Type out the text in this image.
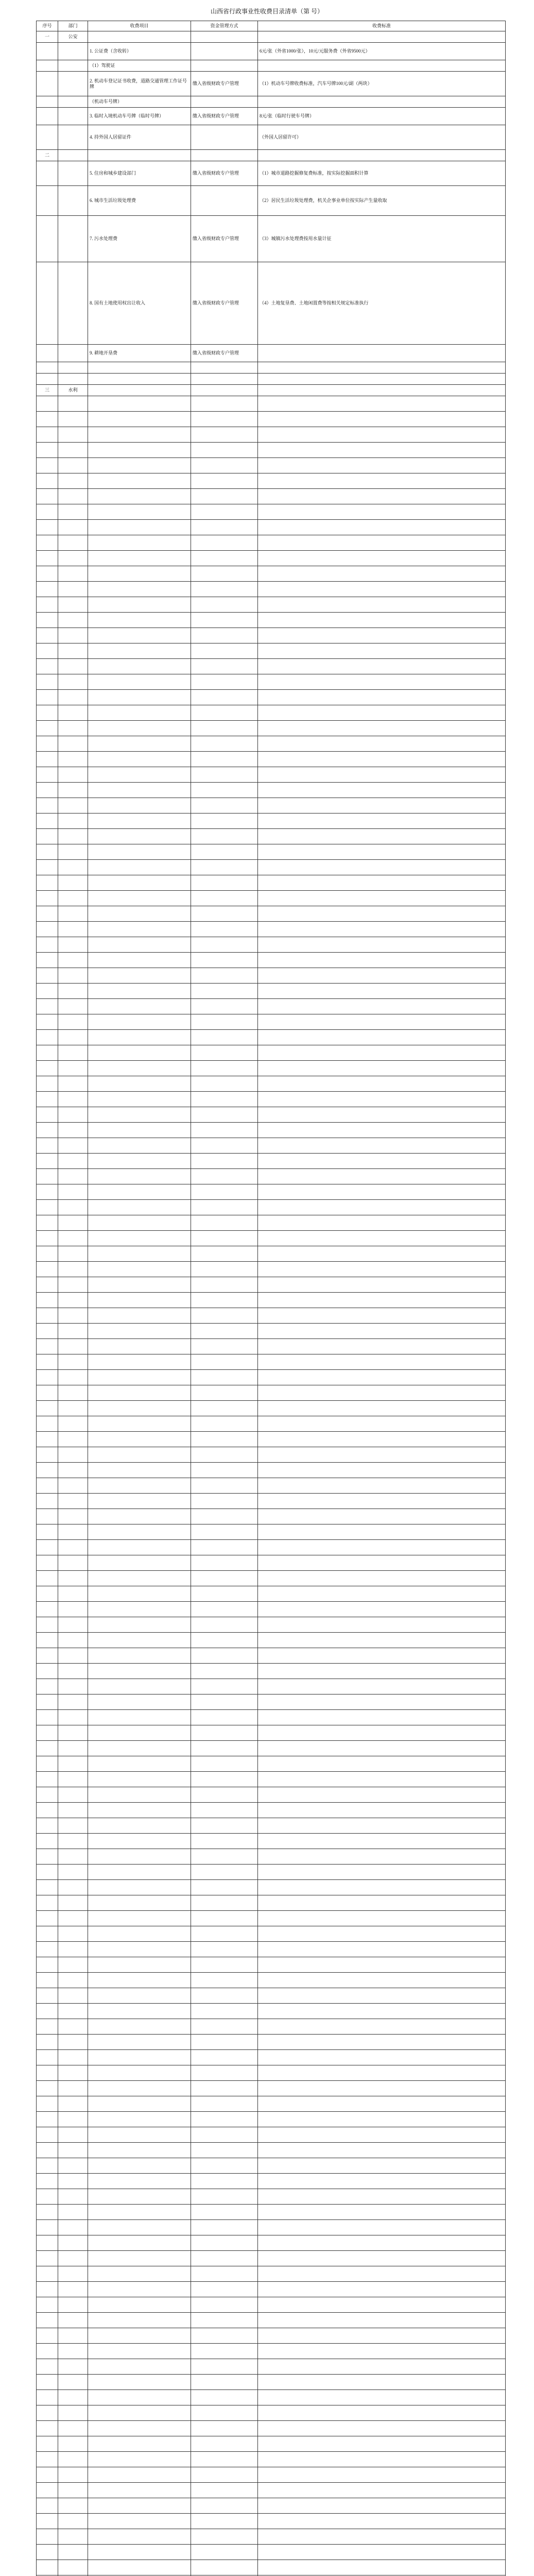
山西省行政事业性收费目录清单（第 号）
序号	部门	收费项目	资金管理方式	收费标准
一	公安			
		1. 公证费（含收转）		6元/张（外省1000/张），10元/元服务费（外省9500元）
		（1）驾驶证		
		2. 机动车登记证书收费，道路交通管理工作证号牌	缴入省级财政专户管理	（1）机动车号牌收费标准，汽车号牌100元/副（两块）
		（机动车号牌）		
		3. 临时入境机动车号牌（临时号牌）	缴入省级财政专户管理	8元/张（临时行驶车号牌）
		4. 持外国人居留证件		（外国人居留许可）
二				
		5. 住房和城乡建设部门	缴入省级财政专户管理	（1）城市道路挖掘修复费标准，按实际挖掘面积计算
		6. 城市生活垃圾处理费		（2）居民生活垃圾处理费，机关企事业单位按实际产生量收取
		7. 污水处理费	缴入省级财政专户管理	（3）城镇污水处理费按用水量计征
		8. 国有土地使用权出让收入	缴入省级财政专户管理	（4）土地复垦费、土地闲置费等按相关规定标准执行
		9. 耕地开垦费	缴入省级财政专户管理	

三	水利			
